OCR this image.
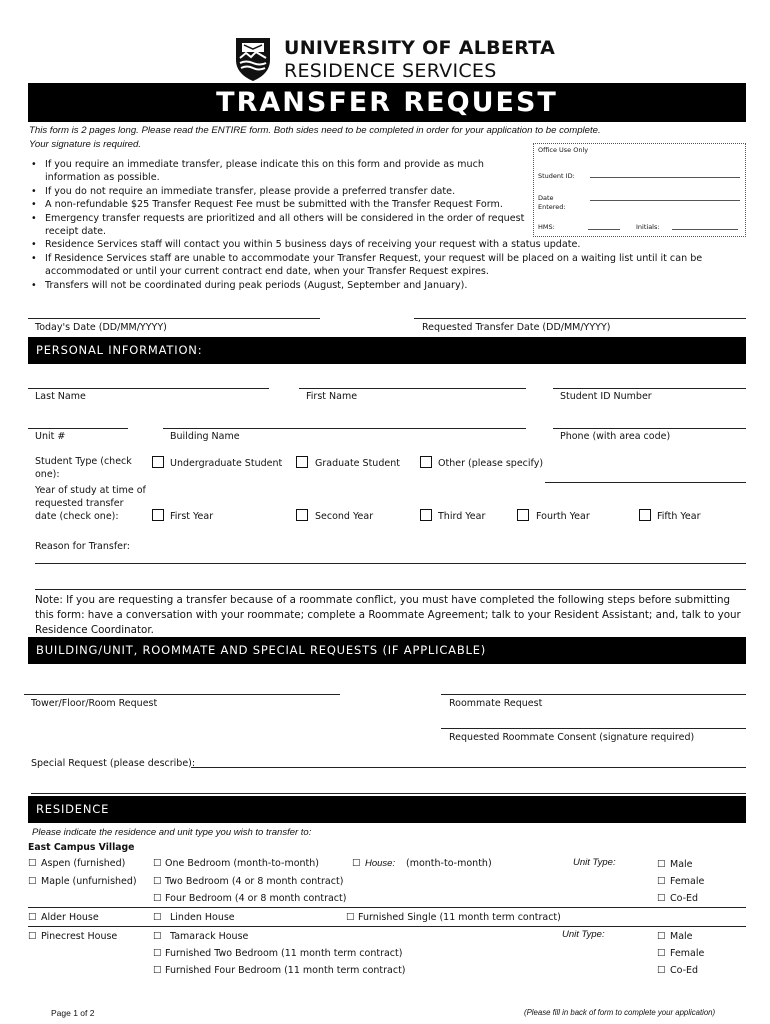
UNIVERSITY OF ALBERTA
RESIDENCE SERVICES
TRANSFER REQUEST
This form is 2 pages long. Please read the ENTIRE form. Both sides need to be completed in order for your application to be complete.
Your signature is required.	Office Use Only
Student ID:
Date
Entered:
HMS:	Initials:
• If you require an immediate transfer, please indicate this on this form and provide as much information as possible.
• If you do not require an immediate transfer, please provide a preferred transfer date.
• A non-refundable $25 Transfer Request Fee must be submitted with the Transfer Request Form.
• Emergency transfer requests are prioritized and all others will be considered in the order of request receipt date.
• Residence Services staff will contact you within 5 business days of receiving your request with a status update.
• If Residence Services staff are unable to accommodate your Transfer Request, your request will be placed on a waiting list until it can be accommodated or until your current contract end date, when your Transfer Request expires.
• Transfers will not be coordinated during peak periods (August, September and January).
Today's Date (DD/MM/YYYY)	Requested Transfer Date (DD/MM/YYYY)
PERSONAL INFORMATION:
Last Name	First Name	Student ID Number
Unit #	Building Name	Phone (with area code)
Student Type (check
one):
Undergraduate Student	Graduate Student	Other (please specify)
Year of study at time of
requested transfer
date (check one):	First Year	Second Year	Third Year	Fourth Year	Fifth Year
Reason for Transfer:
Note: If you are requesting a transfer because of a roommate conflict, you must have completed the following steps before submitting this form: have a conversation with your roommate; complete a Roommate Agreement; talk to your Resident Assistant; and, talk to your Residence Coordinator.
BUILDING/UNIT, ROOMMATE AND SPECIAL REQUESTS (IF APPLICABLE)
Tower/Floor/Room Request	Roommate Request
Requested Roommate Consent (signature required)
Special Request (please describe):
RESIDENCE
Please indicate the residence and unit type you wish to transfer to:
East Campus Village
☐ Aspen (furnished)	☐ One Bedroom (month-to-month)	☐ House: (month-to-month)	Unit Type:	☐ Male
☐ Maple (unfurnished) ☐ Two Bedroom (4 or 8 month contract)	☐ Female
☐ Four Bedroom (4 or 8 month contract)	☐ Co-Ed
☐ Alder House	☐ Linden House	☐ Furnished Single (11 month term contract)
☐ Pinecrest House	☐ Tamarack House	Unit Type:	☐ Male
☐ Furnished Two Bedroom (11 month term contract)	☐ Female
☐ Furnished Four Bedroom (11 month term contract)	☐ Co-Ed
Page 1 of 2	(Please fill in back of form to complete your application)
